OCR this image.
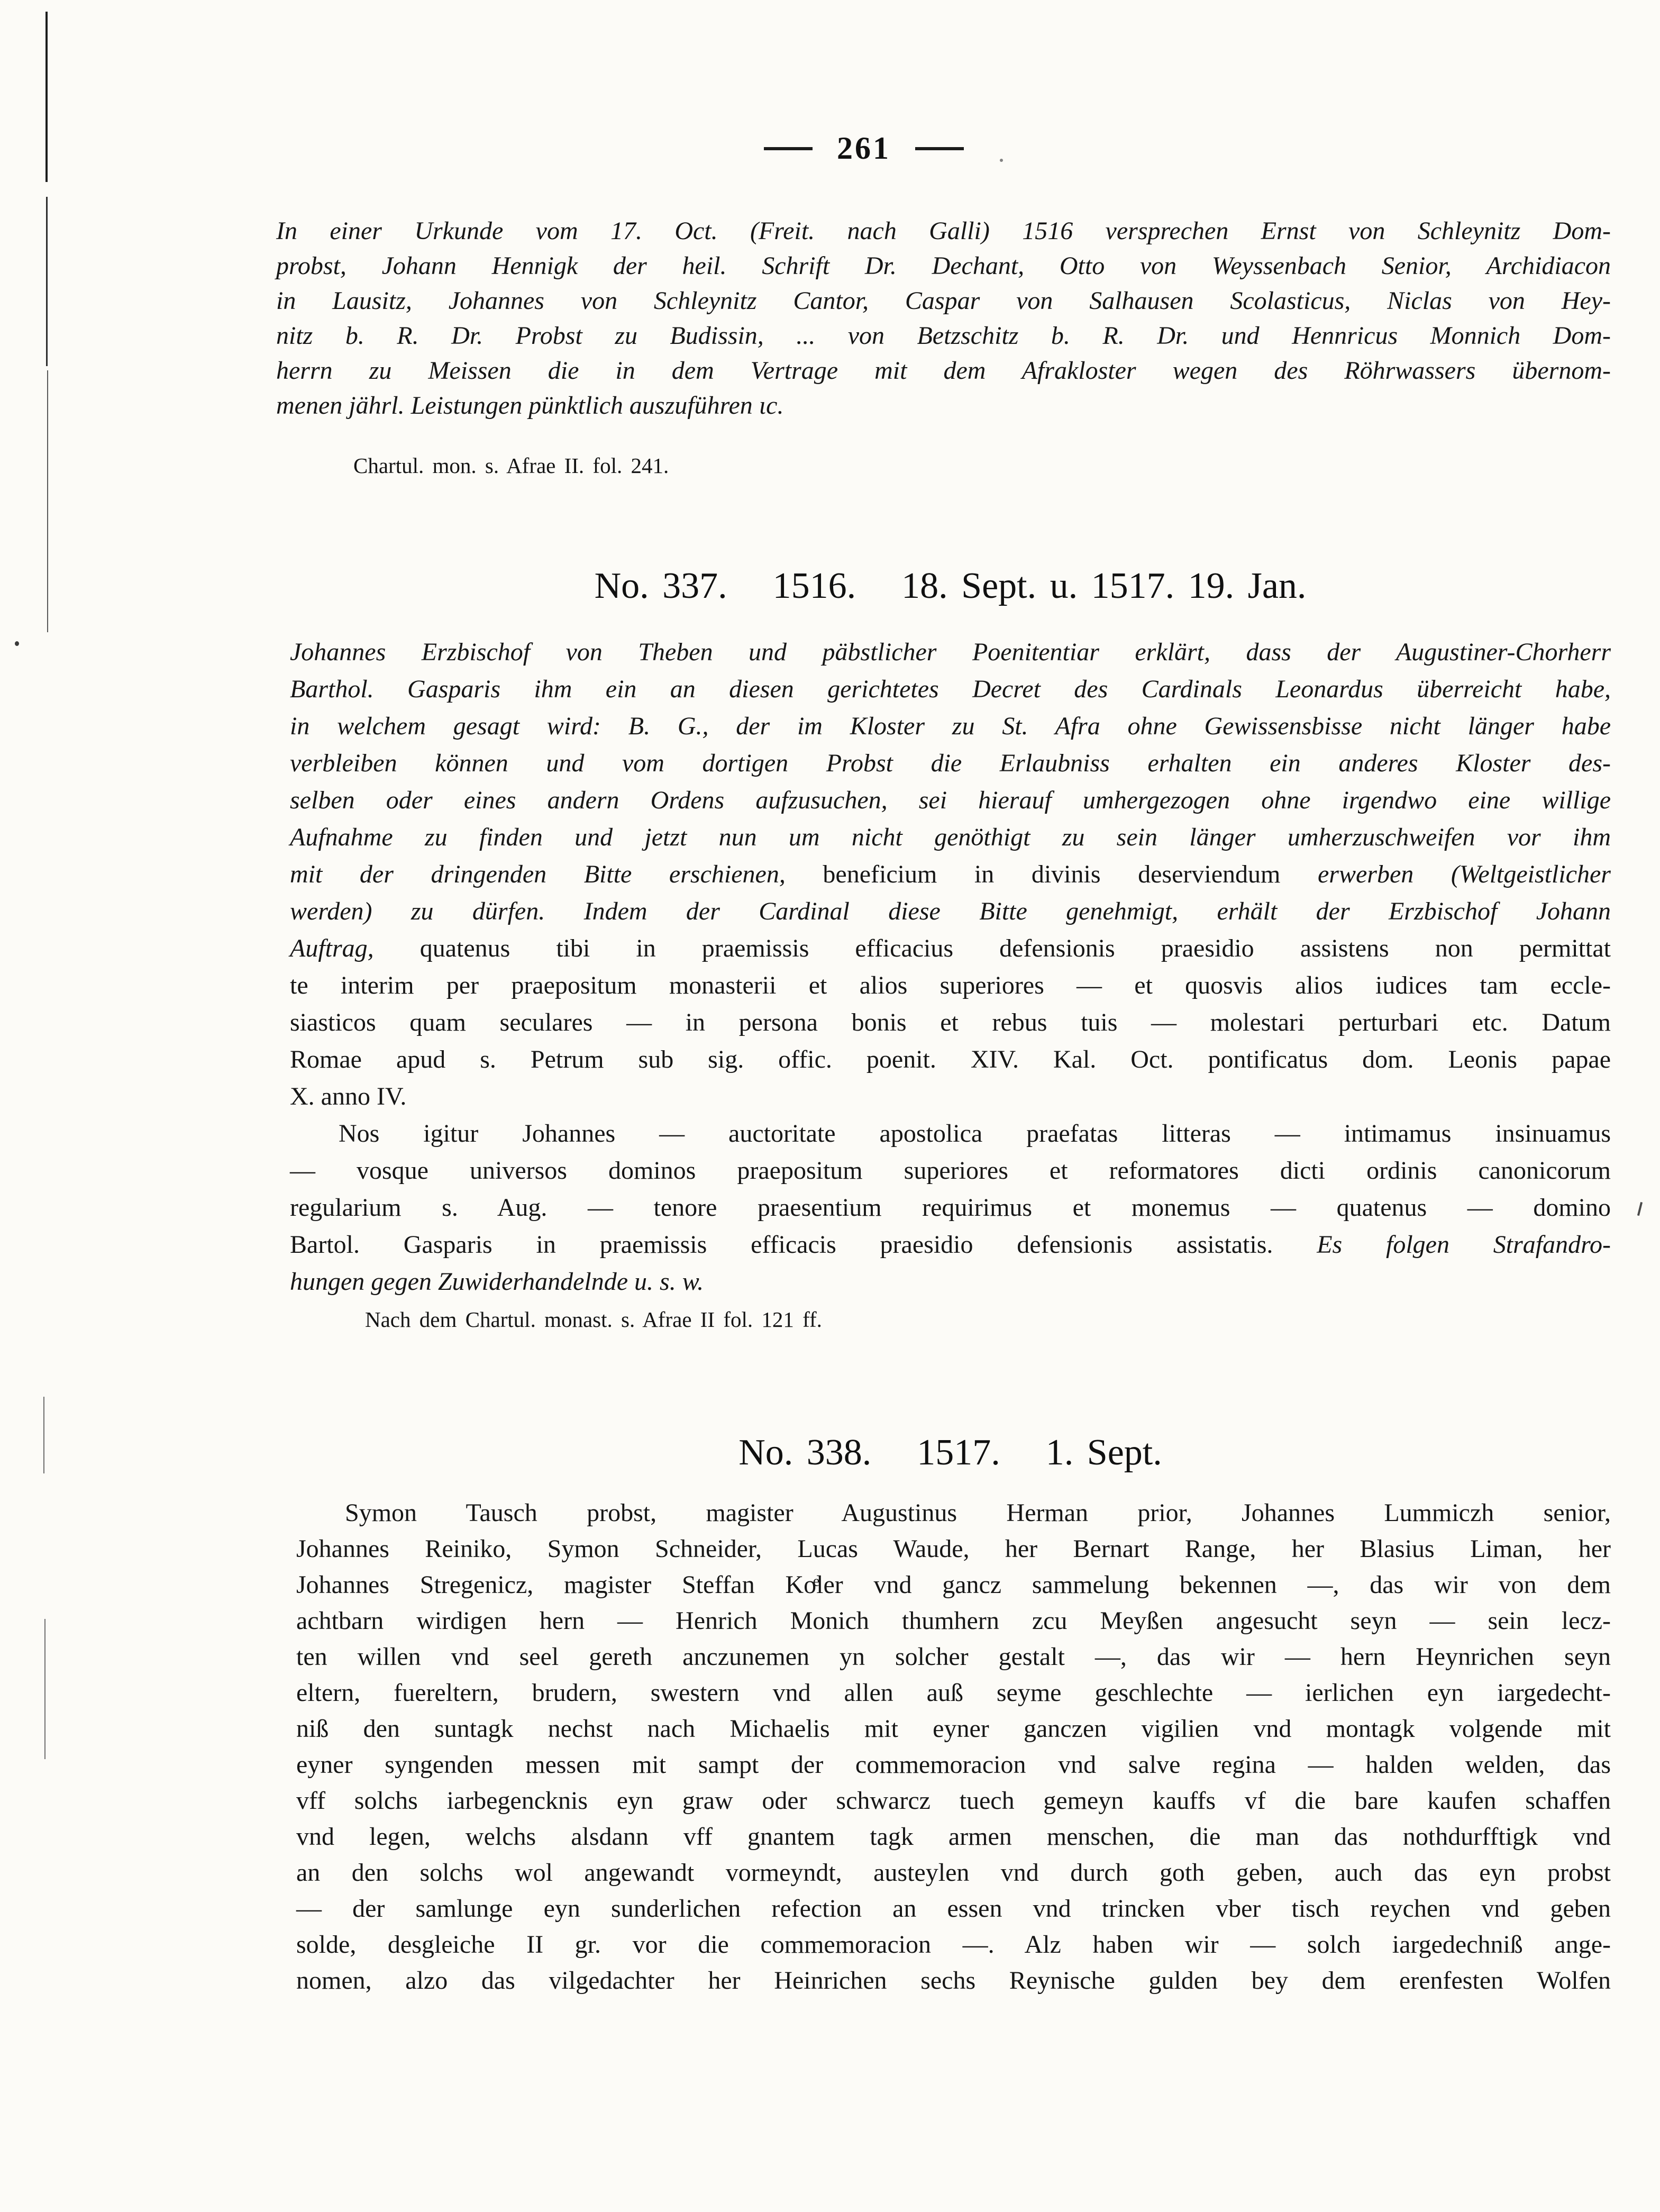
261
In einer Urkunde vom 17. Oct. (Freit. nach Galli) 1516 versprechen Ernst von Schleynitz Dom-
probst, Johann Hennigk der heil. Schrift Dr. Dechant, Otto von Weyssenbach Senior, Archidiacon
in Lausitz, Johannes von Schleynitz Cantor, Caspar von Salhausen Scolasticus, Niclas von Hey-
nitz b. R. Dr. Probst zu Budissin, ... von Betzschitz b. R. Dr. und Hennricus Monnich Dom-
herrn zu Meissen die in dem Vertrage mit dem Afrakloster wegen des Röhrwassers übernom-
menen jährl. Leistungen pünktlich auszuführen ɩc.
Chartul. mon. s. Afrae II. fol. 241.
No. 337.   1516.   18. Sept. u. 1517. 19. Jan.
Johannes Erzbischof von Theben und päbstlicher Poenitentiar erklärt, dass der Augustiner-Chorherr
Barthol. Gasparis ihm ein an diesen gerichtetes Decret des Cardinals Leonardus überreicht habe,
in welchem gesagt wird: B. G., der im Kloster zu St. Afra ohne Gewissensbisse nicht länger habe
verbleiben können und vom dortigen Probst die Erlaubniss erhalten ein anderes Kloster des-
selben oder eines andern Ordens aufzusuchen, sei hierauf umhergezogen ohne irgendwo eine willige
Aufnahme zu finden und jetzt nun um nicht genöthigt zu sein länger umherzuschweifen vor ihm
mit der dringenden Bitte erschienen, beneficium in divinis deserviendum erwerben (Weltgeistlicher
werden) zu dürfen. Indem der Cardinal diese Bitte genehmigt, erhält der Erzbischof Johann
Auftrag, quatenus tibi in praemissis efficacius defensionis praesidio assistens non permittat
te interim per praepositum monasterii et alios superiores — et quosvis alios iudices tam eccle-
siasticos quam seculares — in persona bonis et rebus tuis — molestari perturbari etc. Datum
Romae apud s. Petrum sub sig. offic. poenit. XIV. Kal. Oct. pontificatus dom. Leonis papae
X. anno IV.
Nos igitur Johannes — auctoritate apostolica praefatas litteras — intimamus insinuamus
— vosque universos dominos praepositum superiores et reformatores dicti ordinis canonicorum
regularium s. Aug. — tenore praesentium requirimus et monemus — quatenus — domino
Bartol. Gasparis in praemissis efficacis praesidio defensionis assistatis. Es folgen Strafandro-
hungen gegen Zuwiderhandelnde u. s. w.
Nach dem Chartul. monast. s. Afrae II fol. 121 ff.
No. 338.   1517.   1. Sept.
Symon Tausch probst, magister Augustinus Herman prior, Johannes Lummiczh senior,
Johannes Reiniko, Symon Schneider, Lucas Waude, her Bernart Range, her Blasius Liman, her
Johannes Stregenicz, magister Steffan Koͤler vnd gancz sammelung bekennen —, das wir von dem
achtbarn wirdigen hern — Henrich Monich thumhern zcu Meyßen angesucht seyn — sein lecz-
ten willen vnd seel gereth anczunemen yn solcher gestalt —, das wir — hern Heynrichen seyn
eltern, fuereltern, brudern, swestern vnd allen auß seyme geschlechte — ierlichen eyn iargedecht-
niß den suntagk nechst nach Michaelis mit eyner ganczen vigilien vnd montagk volgende mit
eyner syngenden messen mit sampt der commemoracion vnd salve regina — halden welden, das
vff solchs iarbegencknis eyn graw oder schwarcz tuech gemeyn kauffs vf die bare kaufen schaffen
vnd legen, welchs alsdann vff gnantem tagk armen menschen, die man das nothdurfftigk vnd
an den solchs wol angewandt vormeyndt, austeylen vnd durch goth geben, auch das eyn probst
— der samlunge eyn sunderlichen refection an essen vnd trincken vber tisch reychen vnd geben
solde, desgleiche II gr. vor die commemoracion —. Alz haben wir — solch iargedechniß ange-
nomen, alzo das vilgedachter her Heinrichen sechs Reynische gulden bey dem erenfesten Wolfen
